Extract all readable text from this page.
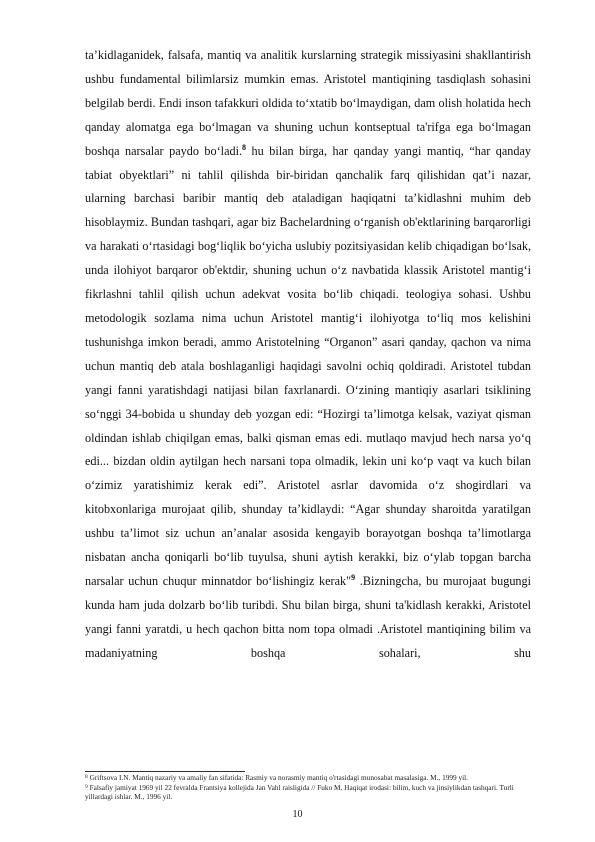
ta’kidlaganidek, falsafa, mantiq va analitik kurslarning strategik missiyasini shakllantirish ushbu fundamental bilimlarsiz mumkin emas. Aristotel mantiqining tasdiqlash sohasini belgilab berdi. Endi inson tafakkuri oldida to‘xtatib bo‘lmaydigan, dam olish holatida hech qanday alomatga ega bo‘lmagan va shuning uchun kontseptual ta'rifga ega bo‘lmagan boshqa narsalar paydo bo‘ladi.$^8$ hu bilan birga, har qanday yangi mantiq, “har qanday tabiat obyektlari” ni tahlil qilishda bir-biridan qanchalik farq qilishidan qat’i nazar, ularning barchasi baribir mantiq deb ataladigan haqiqatni ta’kidlashni muhim deb hisoblaymiz. Bundan tashqari, agar biz Bachelardning o‘rganish ob'ektlarining barqarorligi va harakati o‘rtasidagi bog‘liqlik bo‘yicha uslubiy pozitsiyasidan kelib chiqadigan bo‘lsak, unda ilohiyot barqaror ob'ektdir, shuning uchun o‘z navbatida klassik Aristotel mantig‘i fikrlashni tahlil qilish uchun adekvat vosita bo‘lib chiqadi. teologiya sohasi. Ushbu metodologik sozlama nima uchun Aristotel mantig‘i ilohiyotga to‘liq mos kelishini tushunishga imkon beradi, ammo Aristotelning “Organon” asari qanday, qachon va nima uchun mantiq deb atala boshlaganligi haqidagi savolni ochiq qoldiradi. Aristotel tubdan yangi fanni yaratishdagi natijasi bilan faxrlanardi. O‘zining mantiqiy asarlari tsiklining so‘nggi 34-bobida u shunday deb yozgan edi: “Hozirgi ta’limotga kelsak, vaziyat qisman oldindan ishlab chiqilgan emas, balki qisman emas edi. mutlaqo mavjud hech narsa yo‘q edi... bizdan oldin aytilgan hech narsani topa olmadik, lekin uni ko‘p vaqt va kuch bilan o‘zimiz yaratishimiz kerak edi”. Aristotel asrlar davomida o‘z shogirdlari va kitobxonlariga murojaat qilib, shunday ta’kidlaydi: “Agar shunday sharoitda yaratilgan ushbu ta’limot siz uchun an’analar asosida kengayib borayotgan boshqa ta’limotlarga nisbatan ancha qoniqarli bo‘lib tuyulsa, shuni aytish kerakki, biz o‘ylab topgan barcha narsalar uchun chuqur minnatdor bo‘lishingiz kerak"$^9$ .Bizningcha, bu murojaat bugungi kunda ham juda dolzarb bo‘lib turibdi. Shu bilan birga, shuni ta'kidlash kerakki, Aristotel yangi fanni yaratdi, u hech qachon bitta nom topa olmadi .Aristotel mantiqining bilim va madaniyatning boshqa sohalari, shu

$^8$ Griftsova I.N. Mantiq nazariy va amaliy fan sifatida: Rasmiy va norasmiy mantiq o'rtasidagi munosabat masalasiga. M., 1999 yil.

$^9$ Falsafiy jamiyat 1969 yil 22 fevralda Frantsiya kollejida Jan Vahl raisligida // Fuko M. Haqiqat irodasi: bilim, kuch va jinsiylikdan tashqari. Turli yillardagi ishlar. M., 1996 yil.

10
